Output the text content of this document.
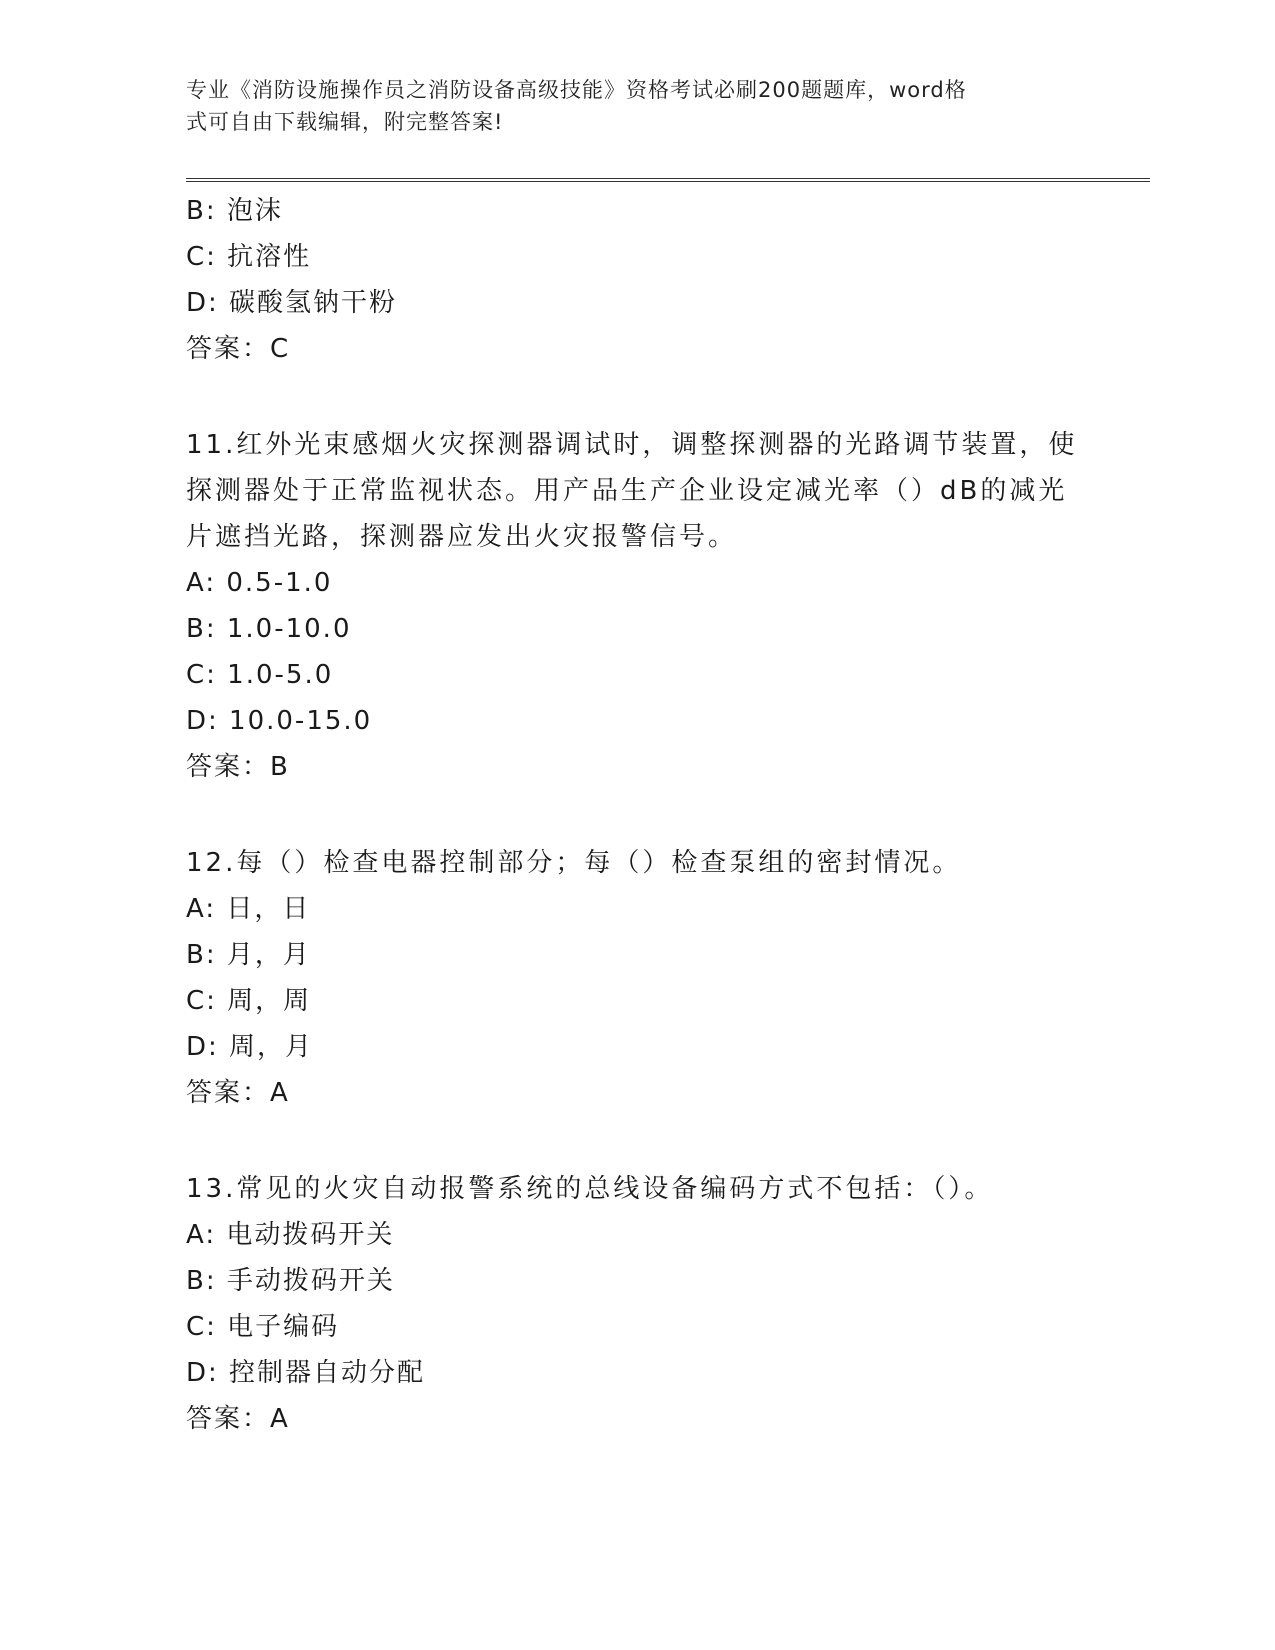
专业《消防设施操作员之消防设备高级技能》资格考试必刷200题题库，word格
式可自由下载编辑，附完整答案!
B: 泡沫
C: 抗溶性
D: 碳酸氢钠干粉
答案：C
11.红外光束感烟火灾探测器调试时，调整探测器的光路调节装置，使
探测器处于正常监视状态。用产品生产企业设定减光率（）dB的减光
片遮挡光路，探测器应发出火灾报警信号。
A: 0.5-1.0
B: 1.0-10.0
C: 1.0-5.0
D: 10.0-15.0
答案：B
12.每（）检查电器控制部分；每（）检查泵组的密封情况。
A: 日，日
B: 月，月
C: 周，周
D: 周，月
答案：A
13.常见的火灾自动报警系统的总线设备编码方式不包括：（）。
A: 电动拨码开关
B: 手动拨码开关
C: 电子编码
D: 控制器自动分配
答案：A
